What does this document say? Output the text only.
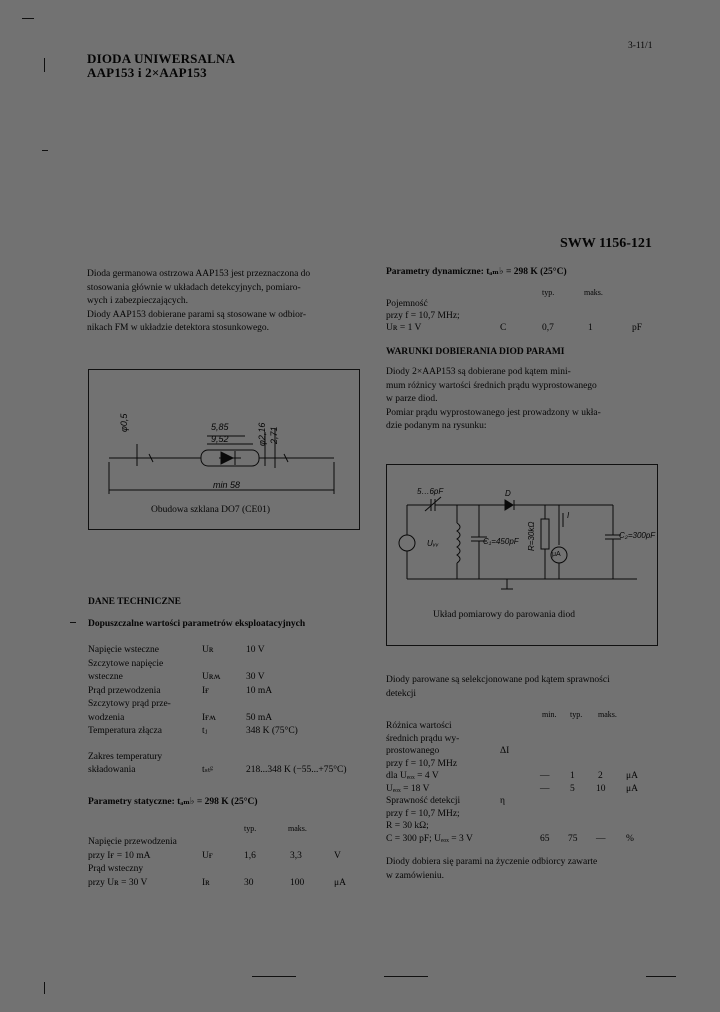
DIODA UNIWERSALNA
AAP153 i 2×AAP153
3-11/1
SWW 1156-121
Dioda germanowa ostrzowa AAP153 jest przeznaczona do
stosowania głównie w układach detekcyjnych, pomiaro-
wych i zabezpieczających.
Diody AAP153 dobierane parami są stosowane w odbior-
nikach FM w układzie detektora stosunkowego.
5,85
9,52
φ0,5	φ2,16 2,71
min 58
Obudowa szklana DO7 (CE01)
DANE TECHNICZNE
Dopuszczalne wartości parametrów eksploatacyjnych
Napięcie wsteczne	Uʀ	10 V
Szczytowe napięcie
wsteczne	Uʀʍ	30 V
Prąd przewodzenia	Iғ	10 mA
Szczytowy prąd prze-
wodzenia	Iғʍ	50 mA
Temperatura złącza	tⱼ	348 K (75°C)
Zakres temperatury
składowania	tₛₜᵍ	218...348 K (−55...+75°C)
Parametry statyczne: tₐₘ♭ = 298 K (25°C)
typ.	maks.
Napięcie przewodzenia
przy Iғ = 10 mA	Uғ	1,6	3,3	V
Prąd wsteczny
przy Uʀ = 30 V	Iʀ	30	100	μA
Parametry dynamiczne: tₐₘ♭ = 298 K (25°C)
typ.	maks.
Pojemność
przy f = 10,7 MHz;
Uʀ = 1 V	C	0,7	1	pF
WARUNKI DOBIERANIA DIOD PARAMI
Diody 2×AAP153 są dobierane pod kątem mini-
mum różnicy wartości średnich prądu wyprostowanego
w parze diod.
Pomiar prądu wyprostowanego jest prowadzony w ukła-
dzie podanym na rysunku:
5…6pF	D
Uᵥᵥ	C₁=450pF R=30kΩ
I
C₂=300pF
μA
Układ pomiarowy do parowania diod
Diody parowane są selekcjonowane pod kątem sprawności
detekcji
min. typ. maks.
Różnica wartości
średnich prądu wy-
prostowanego	ΔI
przy f = 10,7 MHz
dla Uₑₒₓ = 4 V	— 1 2 μA
Uₑₒₓ = 18 V	— 5 10 μA
Sprawność detekcji	η
przy f = 10,7 MHz;
R = 30 kΩ;
C = 300 pF; Uₑₒₓ = 3 V	65 75 — %
Diody dobiera się parami na życzenie odbiorcy zawarte
w zamówieniu.
